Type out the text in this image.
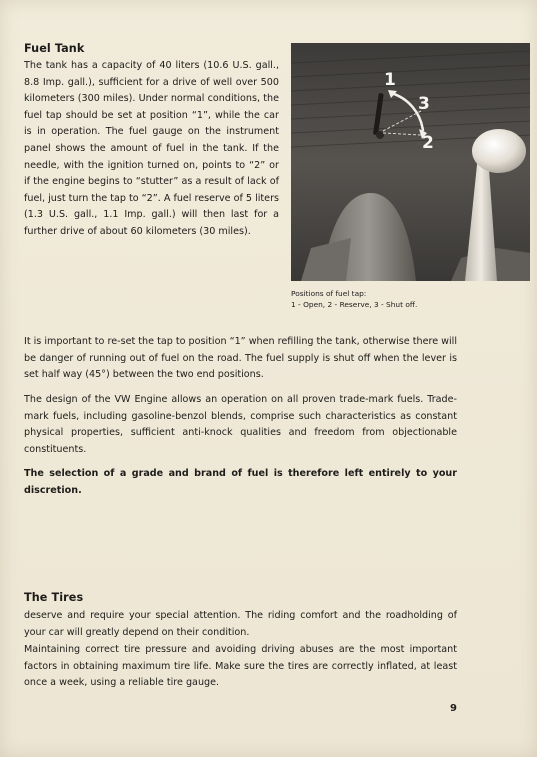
Fuel Tank
The tank has a capacity of 40 liters (10.6 U.S. gall., 8.8 Imp. gall.), sufficient for a drive of well over 500 kilometers (300 miles). Under normal conditions, the fuel tap should be set at position “1”, while the car is in operation. The fuel gauge on the instrument panel shows the amount of fuel in the tank. If the needle, with the ignition turned on, points to “2” or if the engine begins to “stutter” as a result of lack of fuel, just turn the tap to “2”. A fuel reserve of 5 liters (1.3 U.S. gall., 1.1 Imp. gall.) will then last for a further drive of about 60 kilometers (30 miles).
1
2
3
Positions of fuel tap:
1 - Open, 2 - Reserve, 3 - Shut off.
It is important to re-set the tap to position “1” when refilling the tank, otherwise there will be danger of running out of fuel on the road. The fuel supply is shut off when the lever is set half way (45°) between the two end positions.
The design of the VW Engine allows an operation on all proven trade-mark fuels. Trade-mark fuels, including gasoline-benzol blends, comprise such characteristics as constant physical properties, sufficient anti-knock qualities and freedom from objectionable constituents.
The selection of a grade and brand of fuel is therefore left entirely to your discretion.
The Tires
deserve and require your special attention. The riding comfort and the roadholding of your car will greatly depend on their condition.
Maintaining correct tire pressure and avoiding driving abuses are the most important factors in obtaining maximum tire life. Make sure the tires are correctly inflated, at least once a week, using a reliable tire gauge.
9
